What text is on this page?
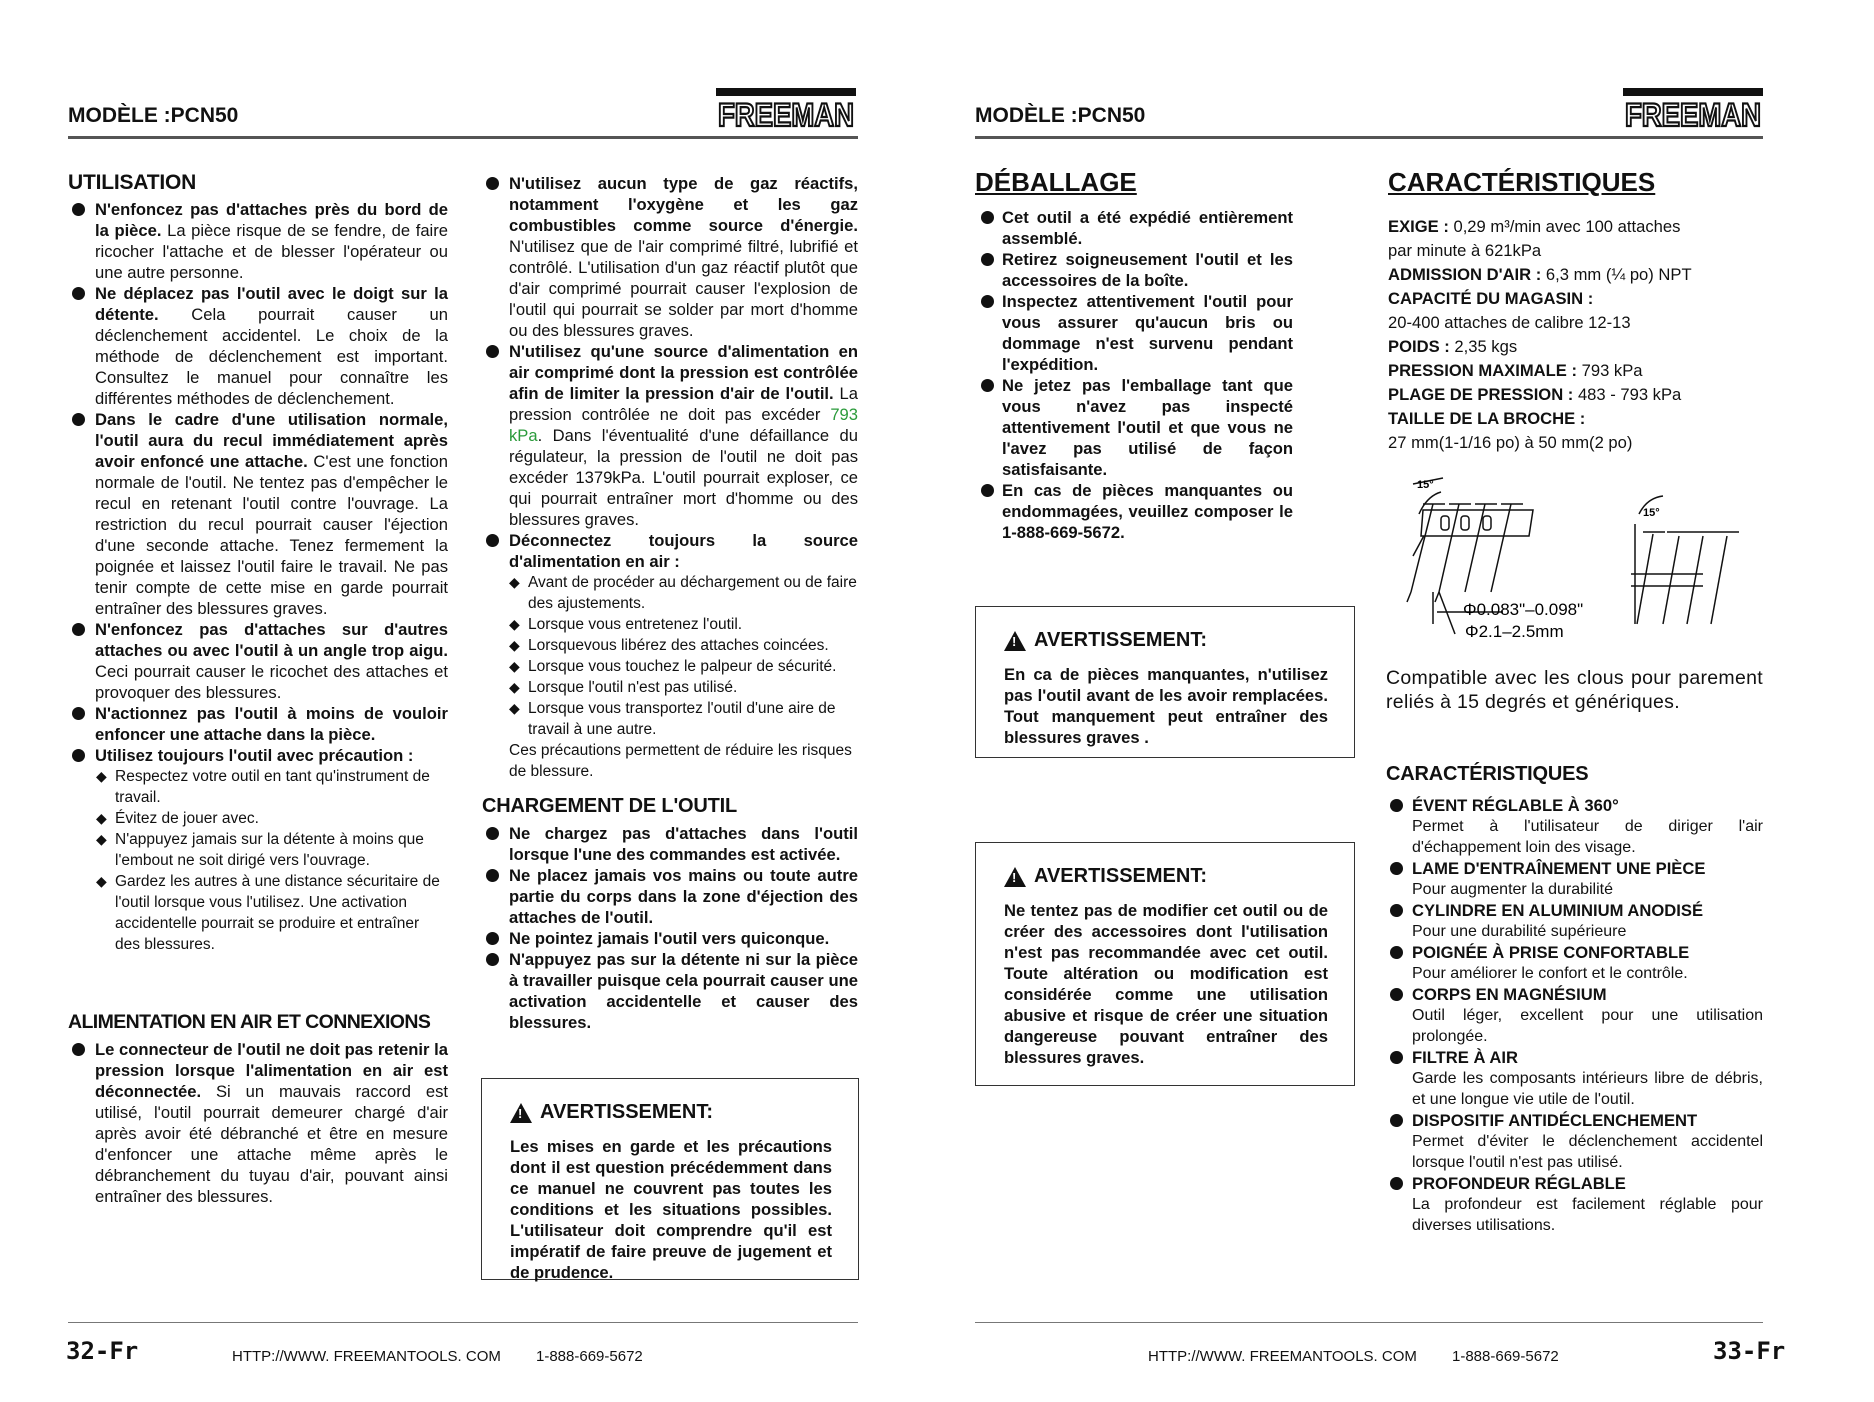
MODÈLE :PCN50	FREEMAN
UTILISATION
N'enfoncez pas d'attaches près du bord de la pièce. La pièce risque de se fendre, de faire ricocher l'attache et de blesser l'opérateur ou une autre personne.
Ne déplacez pas l'outil avec le doigt sur la détente. Cela pourrait causer un déclenchement accidentel. Le choix de la méthode de déclenchement est important. Consultez le manuel pour connaître les différentes méthodes de déclenchement.
Dans le cadre d'une utilisation normale, l'outil aura du recul immédiatement après avoir enfoncé une attache. C'est une fonction normale de l'outil. Ne tentez pas d'empêcher le recul en retenant l'outil contre l'ouvrage. La restriction du recul pourrait causer l'éjection d'une seconde attache. Tenez fermement la poignée et laissez l'outil faire le travail. Ne pas tenir compte de cette mise en garde pourrait entraîner des blessures graves.
N'enfoncez pas d'attaches sur d'autres attaches ou avec l'outil à un angle trop aigu. Ceci pourrait causer le ricochet des attaches et provoquer des blessures.
N'actionnez pas l'outil à moins de vouloir enfoncer une attache dans la pièce.
Utilisez toujours l'outil avec précaution :
◆ Respectez votre outil en tant qu'instrument de travail.
◆ Évitez de jouer avec.
◆ N'appuyez jamais sur la détente à moins que l'embout ne soit dirigé vers l'ouvrage.
◆ Gardez les autres à une distance sécuritaire de l'outil lorsque vous l'utilisez. Une activation accidentelle pourrait se produire et entraîner des blessures.
ALIMENTATION EN AIR ET CONNEXIONS
Le connecteur de l'outil ne doit pas retenir la pression lorsque l'alimentation en air est déconnectée. Si un mauvais raccord est utilisé, l'outil pourrait demeurer chargé d'air après avoir été débranché et être en mesure d'enfoncer une attache même après le débranchement du tuyau d'air, pouvant ainsi entraîner des blessures.
N'utilisez aucun type de gaz réactifs, notamment l'oxygène et les gaz combustibles comme source d'énergie. N'utilisez que de l'air comprimé filtré, lubrifié et contrôlé. L'utilisation d'un gaz réactif plutôt que d'air comprimé pourrait causer l'explosion de l'outil qui pourrait se solder par mort d'homme ou des blessures graves.
N'utilisez qu'une source d'alimentation en air comprimé dont la pression est contrôlée afin de limiter la pression d'air de l'outil. La pression contrôlée ne doit pas excéder 793 kPa. Dans l'éventualité d'une défaillance du régulateur, la pression de l'outil ne doit pas excéder 1379kPa. L'outil pourrait exploser, ce qui pourrait entraîner mort d'homme ou des blessures graves.
Déconnectez toujours la source d'alimentation en air :
◆ Avant de procéder au déchargement ou de faire des ajustements.
◆ Lorsque vous entretenez l'outil.
◆ Lorsquevous libérez des attaches coincées.
◆ Lorsque vous touchez le palpeur de sécurité.
◆ Lorsque l'outil n'est pas utilisé.
◆ Lorsque vous transportez l'outil d'une aire de travail à une autre.
Ces précautions permettent de réduire les risques de blessure.
CHARGEMENT DE L'OUTIL
Ne chargez pas d'attaches dans l'outil lorsque l'une des commandes est activée.
Ne placez jamais vos mains ou toute autre partie du corps dans la zone d'éjection des attaches de l'outil.
Ne pointez jamais l'outil vers quiconque.
N'appuyez pas sur la détente ni sur la pièce à travailler puisque cela pourrait causer une activation accidentelle et causer des blessures.
!
AVERTISSEMENT:
Les mises en garde et les précautions dont il est question précédemment dans ce manuel ne couvrent pas toutes les conditions et les situations possibles. L'utilisateur doit comprendre qu'il est impératif de faire preuve de jugement et de prudence.
32-Fr	HTTP://WWW. FREEMANTOOLS. COM 1-888-669-5672
MODÈLE :PCN50	FREEMAN
DÉBALLAGE
Cet outil a été expédié entièrement assemblé.
Retirez soigneusement l'outil et les accessoires de la boîte.
Inspectez attentivement l'outil pour vous assurer qu'aucun bris ou dommage n'est survenu pendant l'expédition.
Ne jetez pas l'emballage tant que vous n'avez pas inspecté attentivement l'outil et que vous ne l'avez pas utilisé de façon satisfaisante.
En cas de pièces manquantes ou endommagées, veuillez composer le 1-888-669-5672.
!
AVERTISSEMENT:
En ca de pièces manquantes, n'utilisez pas l'outil avant de les avoir remplacées. Tout manquement peut entraîner des blessures graves .
!
AVERTISSEMENT:
Ne tentez pas de modifier cet outil ou de créer des accessoires dont l'utilisation n'est pas recommandée avec cet outil. Toute altération ou modification est considérée comme une utilisation abusive et risque de créer une situation dangereuse pouvant entraîner des blessures graves.
CARACTÉRISTIQUES
EXIGE : 0,29 m³/min avec 100 attaches
par minute à 621kPa
ADMISSION D'AIR : 6,3 mm (¼ po) NPT
CAPACITÉ DU MAGASIN :
20-400 attaches de calibre 12-13
POIDS : 2,35 kgs
PRESSION MAXIMALE : 793 kPa
PLAGE DE PRESSION : 483 - 793 kPa
TAILLE DE LA BROCHE :
27 mm(1-1/16 po) à 50 mm(2 po)
15°
15°
Φ0.083"–0.098"
Φ2.1–2.5mm
Compatible avec les clous pour parement reliés à 15 degrés et génériques.
CARACTÉRISTIQUES
ÉVENT RÉGLABLE À 360°
Permet à l'utilisateur de diriger l'air d'échappement loin des visage.
LAME D'ENTRAÎNEMENT UNE PIÈCE
Pour augmenter la durabilité
CYLINDRE EN ALUMINIUM ANODISÉ
Pour une durabilité supérieure
POIGNÉE À PRISE CONFORTABLE
Pour améliorer le confort et le contrôle.
CORPS EN MAGNÉSIUM
Outil léger, excellent pour une utilisation prolongée.
FILTRE À AIR
Garde les composants intérieurs libre de débris, et une longue vie utile de l'outil.
DISPOSITIF ANTIDÉCLENCHEMENT
Permet d'éviter le déclenchement accidentel lorsque l'outil n'est pas utilisé.
PROFONDEUR RÉGLABLE
La profondeur est facilement réglable pour diverses utilisations.
HTTP://WWW. FREEMANTOOLS. COM 1-888-669-5672	33-Fr
